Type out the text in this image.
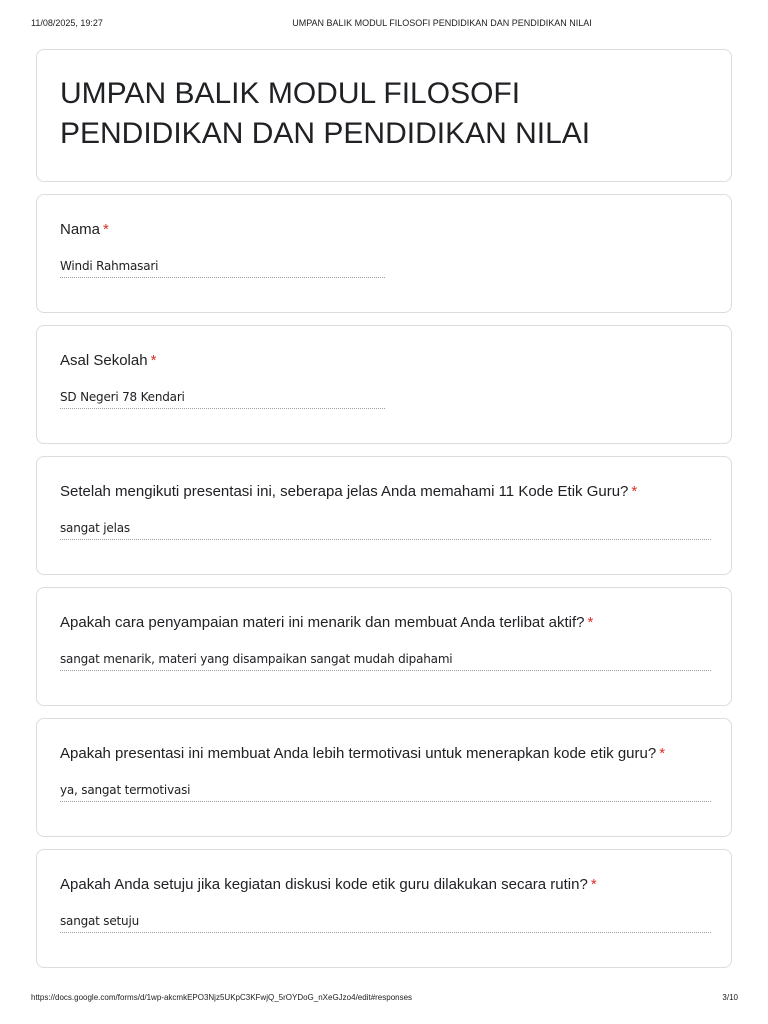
11/08/2025, 19:27	UMPAN BALIK MODUL FILOSOFI PENDIDIKAN DAN PENDIDIKAN NILAI
UMPAN BALIK MODUL FILOSOFI PENDIDIKAN DAN PENDIDIKAN NILAI
Nama *
Windi Rahmasari
Asal Sekolah *
SD Negeri 78 Kendari
Setelah mengikuti presentasi ini, seberapa jelas Anda memahami 11 Kode Etik Guru? *
sangat jelas
Apakah cara penyampaian materi ini menarik dan membuat Anda terlibat aktif? *
sangat menarik, materi yang disampaikan sangat mudah dipahami
Apakah presentasi ini membuat Anda lebih termotivasi untuk menerapkan kode etik guru? *
ya, sangat termotivasi
Apakah Anda setuju jika kegiatan diskusi kode etik guru dilakukan secara rutin? *
sangat setuju
https://docs.google.com/forms/d/1wp-akcmkEPO3Njz5UKpC3KFwjQ_5rOYDoG_nXeGJzo4/edit#responses	3/10
